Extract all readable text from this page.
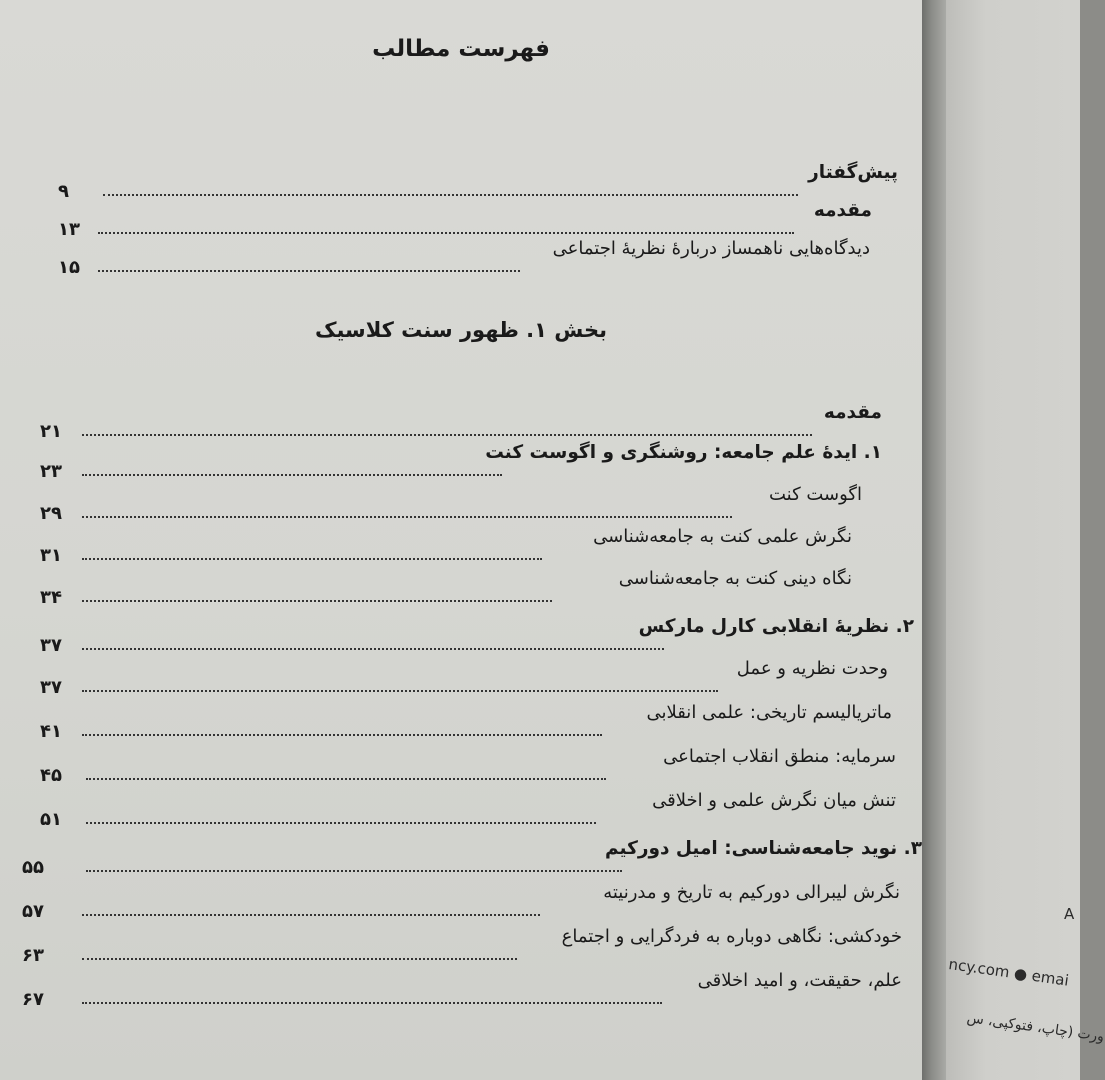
فهرست مطالب
پیش‌گفتار
۹
مقدمه
۱۳
دیدگاه‌هایی ناهمساز دربارهٔ نظریهٔ اجتماعی
۱۵
بخش ۱. ظهور سنت کلاسیک
مقدمه
۲۱
۱. ایدهٔ علم جامعه: روشنگری و اگوست کنت
۲۳
اگوست کنت
۲۹
نگرش علمی کنت به جامعه‌شناسی
۳۱
نگاه دینی کنت به جامعه‌شناسی
۳۴
۲. نظریهٔ انقلابی کارل مارکس
۳۷
وحدت نظریه و عمل
۳۷
ماتریالیسم تاریخی: علمی انقلابی
۴۱
سرمایه: منطق انقلاب اجتماعی
۴۵
تنش میان نگرش علمی و اخلاقی
۵۱
۳. نوید جامعه‌شناسی: امیل دورکیم
۵۵
نگرش لیبرالی دورکیم به تاریخ و مدرنیته
۵۷
خودکشی: نگاهی دوباره به فردگرایی و اجتماع
۶۳
علم، حقیقت، و امید اخلاقی
۶۷
A
ncy.com ● emai
ورت (چاپ، فتوکپی، س
